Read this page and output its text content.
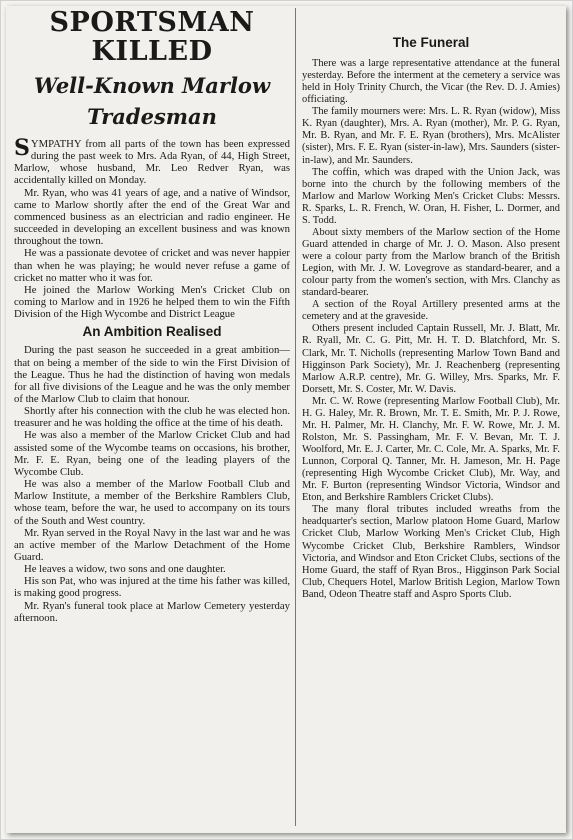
SPORTSMAN
KILLED
Well-Known Marlow
Tradesman

SYMPATHY from all parts of the town has been expressed during the past week to Mrs. Ada Ryan, of 44, High Street, Marlow, whose husband, Mr. Leo Redver Ryan, was accidentally killed on Monday.

Mr. Ryan, who was 41 years of age, and a native of Windsor, came to Marlow shortly after the end of the Great War and commenced business as an electrician and radio engineer. He succeeded in developing an excellent business and was known throughout the town.

He was a passionate devotee of cricket and was never happier than when he was playing; he would never refuse a game of cricket no matter who it was for.

He joined the Marlow Working Men's Cricket Club on coming to Marlow and in 1926 he helped them to win the Fifth Division of the High Wycombe and District League

An Ambition Realised

During the past season he succeeded in a great ambition—that on being a member of the side to win the First Division of the League. Thus he had the distinction of having won medals for all five divisions of the League and he was the only member of the Marlow Club to claim that honour.

Shortly after his connection with the club he was elected hon. treasurer and he was holding the office at the time of his death.

He was also a member of the Marlow Cricket Club and had assisted some of the Wycombe teams on occasions, his brother, Mr. F. E. Ryan, being one of the leading players of the Wycombe Club.

He was also a member of the Marlow Football Club and Marlow Institute, a member of the Berkshire Ramblers Club, whose team, before the war, he used to accompany on its tours of the South and West country.

Mr. Ryan served in the Royal Navy in the last war and he was an active member of the Marlow Detachment of the Home Guard.

He leaves a widow, two sons and one daughter.

His son Pat, who was injured at the time his father was killed, is making good progress.

Mr. Ryan's funeral took place at Marlow Cemetery yesterday afternoon.

The Funeral

There was a large representative attendance at the funeral yesterday. Before the interment at the cemetery a service was held in Holy Trinity Church, the Vicar (the Rev. D. J. Amies) officiating.

The family mourners were: Mrs. L. R. Ryan (widow), Miss K. Ryan (daughter), Mrs. A. Ryan (mother), Mr. P. G. Ryan, Mr. B. Ryan, and Mr. F. E. Ryan (brothers), Mrs. McAlister (sister), Mrs. F. E. Ryan (sister-in-law), Mrs. Saunders (sister-in-law), and Mr. Saunders.

The coffin, which was draped with the Union Jack, was borne into the church by the following members of the Marlow and Marlow Working Men's Cricket Clubs: Messrs. R. Sparks, L. R. French, W. Oran, H. Fisher, L. Dormer, and S. Todd.

About sixty members of the Marlow section of the Home Guard attended in charge of Mr. J. O. Mason. Also present were a colour party from the Marlow branch of the British Legion, with Mr. J. W. Lovegrove as standard-bearer, and a colour party from the women's section, with Mrs. Clanchy as standard-bearer.

A section of the Royal Artillery presented arms at the cemetery and at the graveside.

Others present included Captain Russell, Mr. J. Blatt, Mr. R. Ryall, Mr. C. G. Pitt, Mr. H. T. D. Blatchford, Mr. S. Clark, Mr. T. Nicholls (representing Marlow Town Band and Higginson Park Society), Mr. J. Reachenberg (representing Marlow A.R.P. centre), Mr. G. Willey, Mrs. Sparks, Mr. F. Dorsett, Mr. S. Coster, Mr. W. Davis.

Mr. C. W. Rowe (representing Marlow Football Club), Mr. H. G. Haley, Mr. R. Brown, Mr. T. E. Smith, Mr. P. J. Rowe, Mr. H. Palmer, Mr. H. Clanchy, Mr. F. W. Rowe, Mr. J. M. Rolston, Mr. S. Passingham, Mr. F. V. Bevan, Mr. T. J. Woolford, Mr. E. J. Carter, Mr. C. Cole, Mr. A. Sparks, Mr. F. Lunnon, Corporal Q. Tanner, Mr. H. Jameson, Mr. H. Page (representing High Wycombe Cricket Club), Mr. Way, and Mr. F. Burton (representing Windsor Victoria, Windsor and Eton, and Berkshire Ramblers Cricket Clubs).

The many floral tributes included wreaths from the headquarter's section, Marlow platoon Home Guard, Marlow Cricket Club, Marlow Working Men's Cricket Club, High Wycombe Cricket Club, Berkshire Ramblers, Windsor Victoria, and Windsor and Eton Cricket Clubs, sections of the Home Guard, the staff of Ryan Bros., Higginson Park Social Club, Chequers Hotel, Marlow British Legion, Marlow Town Band, Odeon Theatre staff and Aspro Sports Club.
